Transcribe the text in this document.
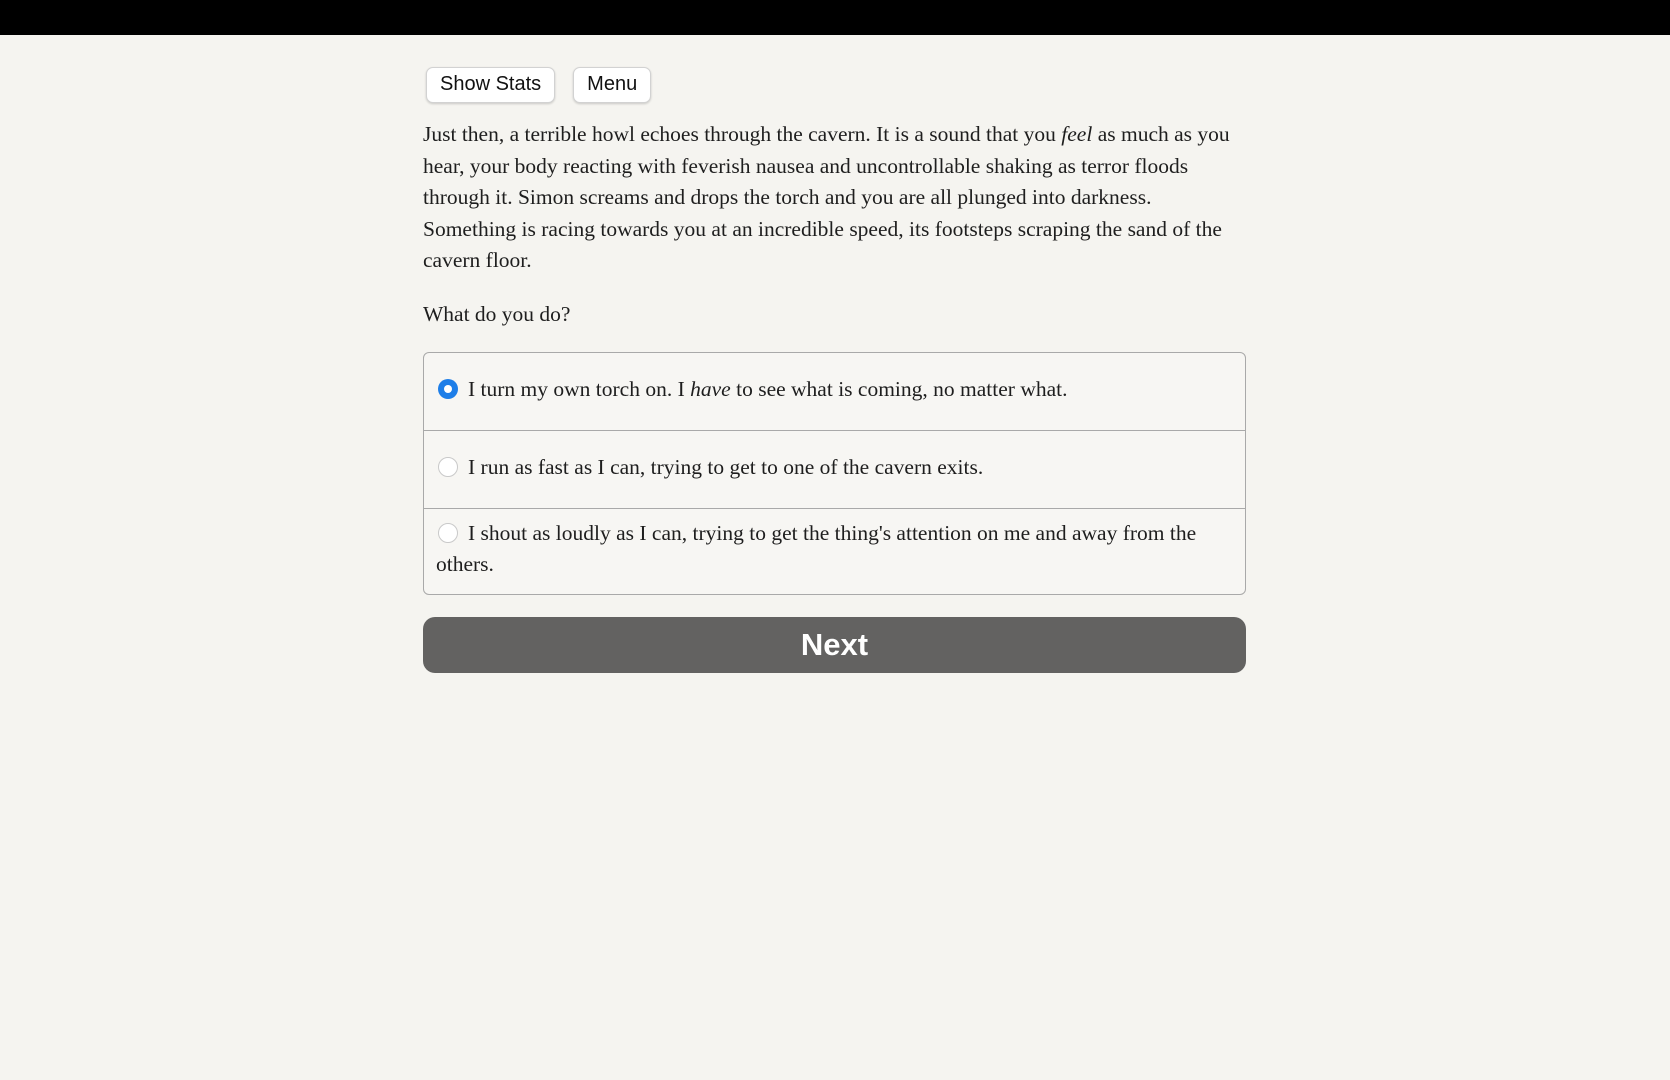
Show Stats	Menu

Just then, a terrible howl echoes through the cavern. It is a sound that you feel as much as you hear, your body reacting with feverish nausea and uncontrollable shaking as terror floods through it. Simon screams and drops the torch and you are all plunged into darkness. Something is racing towards you at an incredible speed, its footsteps scraping the sand of the cavern floor.

What do you do?
I turn my own torch on. I have to see what is coming, no matter what.
I run as fast as I can, trying to get to one of the cavern exits.
I shout as loudly as I can, trying to get the thing's attention on me and away from the others.
Next
